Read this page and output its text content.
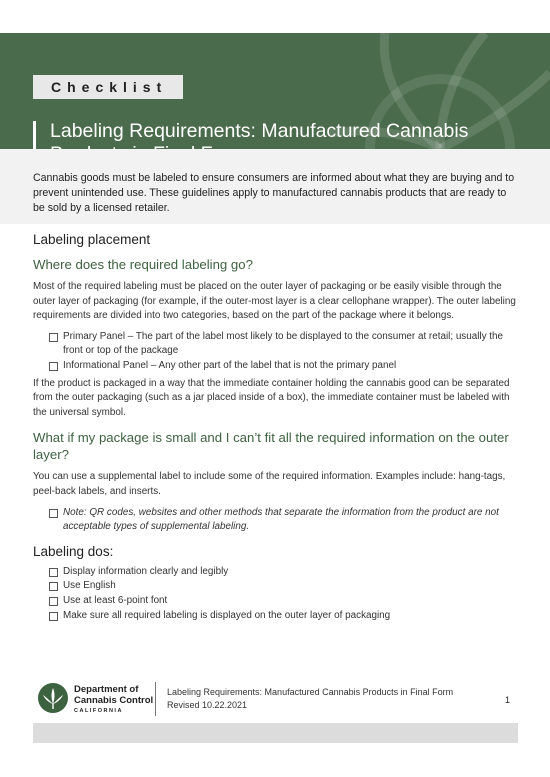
Checklist
Labeling Requirements: Manufactured Cannabis

Cannabis goods must be labeled to ensure consumers are informed about what they are buying and to prevent unintended use. These guidelines apply to manufactured cannabis products that are ready to be sold by a licensed retailer.

Labeling placement
Where does the required labeling go?

Most of the required labeling must be placed on the outer layer of packaging or be easily visible through the outer layer of packaging (for example, if the outer-most layer is a clear cellophane wrapper). The outer labeling requirements are divided into two categories, based on the part of the package where it belongs.

Primary Panel – The part of the label most likely to be displayed to the consumer at retail; usually the front or top of the package
Informational Panel – Any other part of the label that is not the primary panel

If the product is packaged in a way that the immediate container holding the cannabis good can be separated from the outer packaging (such as a jar placed inside of a box), the immediate container must be labeled with the universal symbol.

What if my package is small and I can’t fit all the required information on the outer layer?

You can use a supplemental label to include some of the required information. Examples include: hang-tags, peel-back labels, and inserts.

Note: QR codes, websites and other methods that separate the information from the product are not acceptable types of supplemental labeling.
Labeling dos:
Display information clearly and legibly
Use English
Use at least 6-point font
Make sure all required labeling is displayed on the outer layer of packaging
Department of
Cannabis Control
CALIFORNIA
Labeling Requirements: Manufactured Cannabis Products in Final Form
Revised 10.22.2021	1
